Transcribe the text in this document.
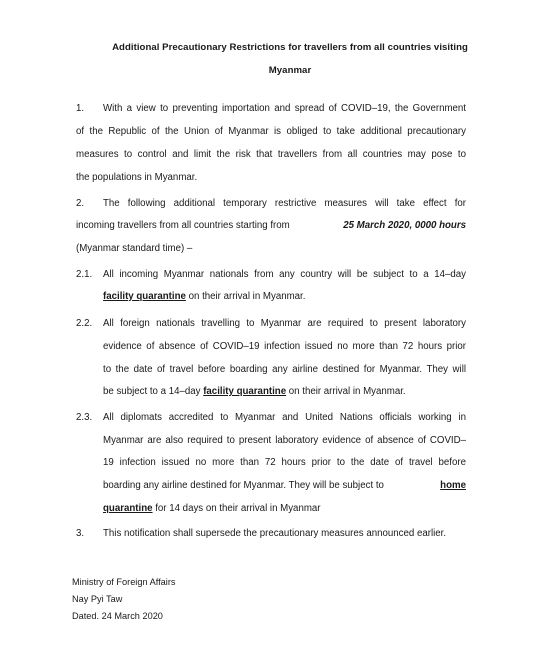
Additional Precautionary Restrictions for travellers from all countries visiting
Myanmar
1. With a view to preventing importation and spread of COVID–19, the Government
of the Republic of the Union of Myanmar is obliged to take additional precautionary
measures to control and limit the risk that travellers from all countries may pose to
the populations in Myanmar.
2. The following additional temporary restrictive measures will take effect for
incoming travellers from all countries starting from	25 March 2020, 0000 hours
(Myanmar standard time) –
2.1. All incoming Myanmar nationals from any country will be subject to a 14–day
facility quarantine on their arrival in Myanmar.
2.2. All foreign nationals travelling to Myanmar are required to present laboratory
evidence of absence of COVID–19 infection issued no more than 72 hours prior
to the date of travel before boarding any airline destined for Myanmar. They will
be subject to a 14–day facility quarantine on their arrival in Myanmar.
2.3. All diplomats accredited to Myanmar and United Nations officials working in
Myanmar are also required to present laboratory evidence of absence of COVID–
19 infection issued no more than 72 hours prior to the date of travel before
boarding any airline destined for Myanmar. They will be subject to	home
quarantine for 14 days on their arrival in Myanmar
3. This notification shall supersede the precautionary measures announced earlier.
Ministry of Foreign Affairs
Nay Pyi Taw
Dated. 24 March 2020
